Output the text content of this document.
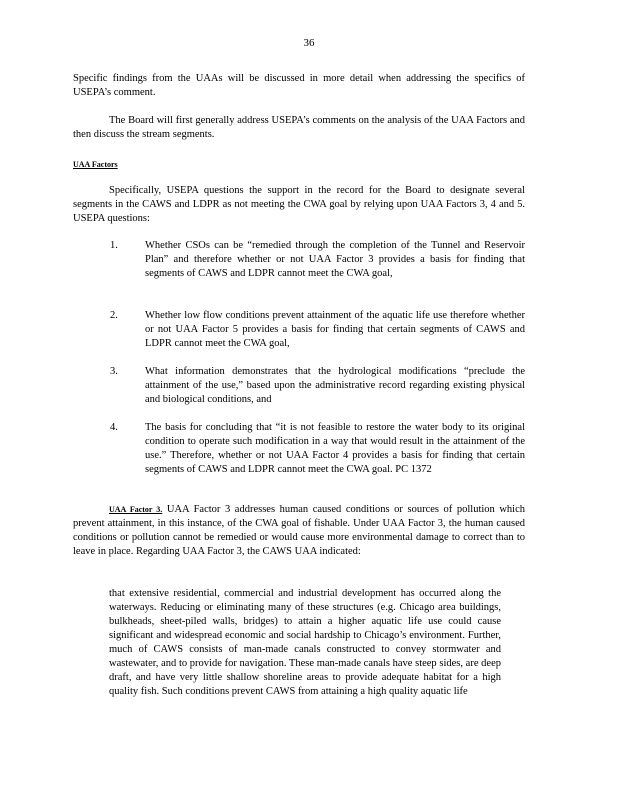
36

Specific findings from the UAAs will be discussed in more detail when addressing the specifics of USEPA’s comment.

The Board will first generally address USEPA’s comments on the analysis of the UAA Factors and then discuss the stream segments.

UAA Factors

Specifically, USEPA questions the support in the record for the Board to designate several segments in the CAWS and LDPR as not meeting the CWA goal by relying upon UAA Factors 3, 4 and 5. USEPA questions:

1.	Whether CSOs can be “remedied through the completion of the Tunnel and Reservoir Plan” and therefore whether or not UAA Factor 3 provides a basis for finding that segments of CAWS and LDPR cannot meet the CWA goal,
2.	Whether low flow conditions prevent attainment of the aquatic life use therefore whether or not UAA Factor 5 provides a basis for finding that certain segments of CAWS and LDPR cannot meet the CWA goal,
3.	What information demonstrates that the hydrological modifications “preclude the attainment of the use,” based upon the administrative record regarding existing physical and biological conditions, and
4.	The basis for concluding that “it is not feasible to restore the water body to its original condition to operate such modification in a way that would result in the attainment of the use.” Therefore, whether or not UAA Factor 4 provides a basis for finding that certain segments of CAWS and LDPR cannot meet the CWA goal. PC 1372

UAA Factor 3. UAA Factor 3 addresses human caused conditions or sources of pollution which prevent attainment, in this instance, of the CWA goal of fishable. Under UAA Factor 3, the human caused conditions or pollution cannot be remedied or would cause more environmental damage to correct than to leave in place. Regarding UAA Factor 3, the CAWS UAA indicated:

that extensive residential, commercial and industrial development has occurred along the waterways. Reducing or eliminating many of these structures (e.g. Chicago area buildings, bulkheads, sheet-piled walls, bridges) to attain a higher aquatic life use could cause significant and widespread economic and social hardship to Chicago’s environment. Further, much of CAWS consists of man-made canals constructed to convey stormwater and wastewater, and to provide for navigation. These man-made canals have steep sides, are deep draft, and have very little shallow shoreline areas to provide adequate habitat for a high quality fish. Such conditions prevent CAWS from attaining a high quality aquatic life
